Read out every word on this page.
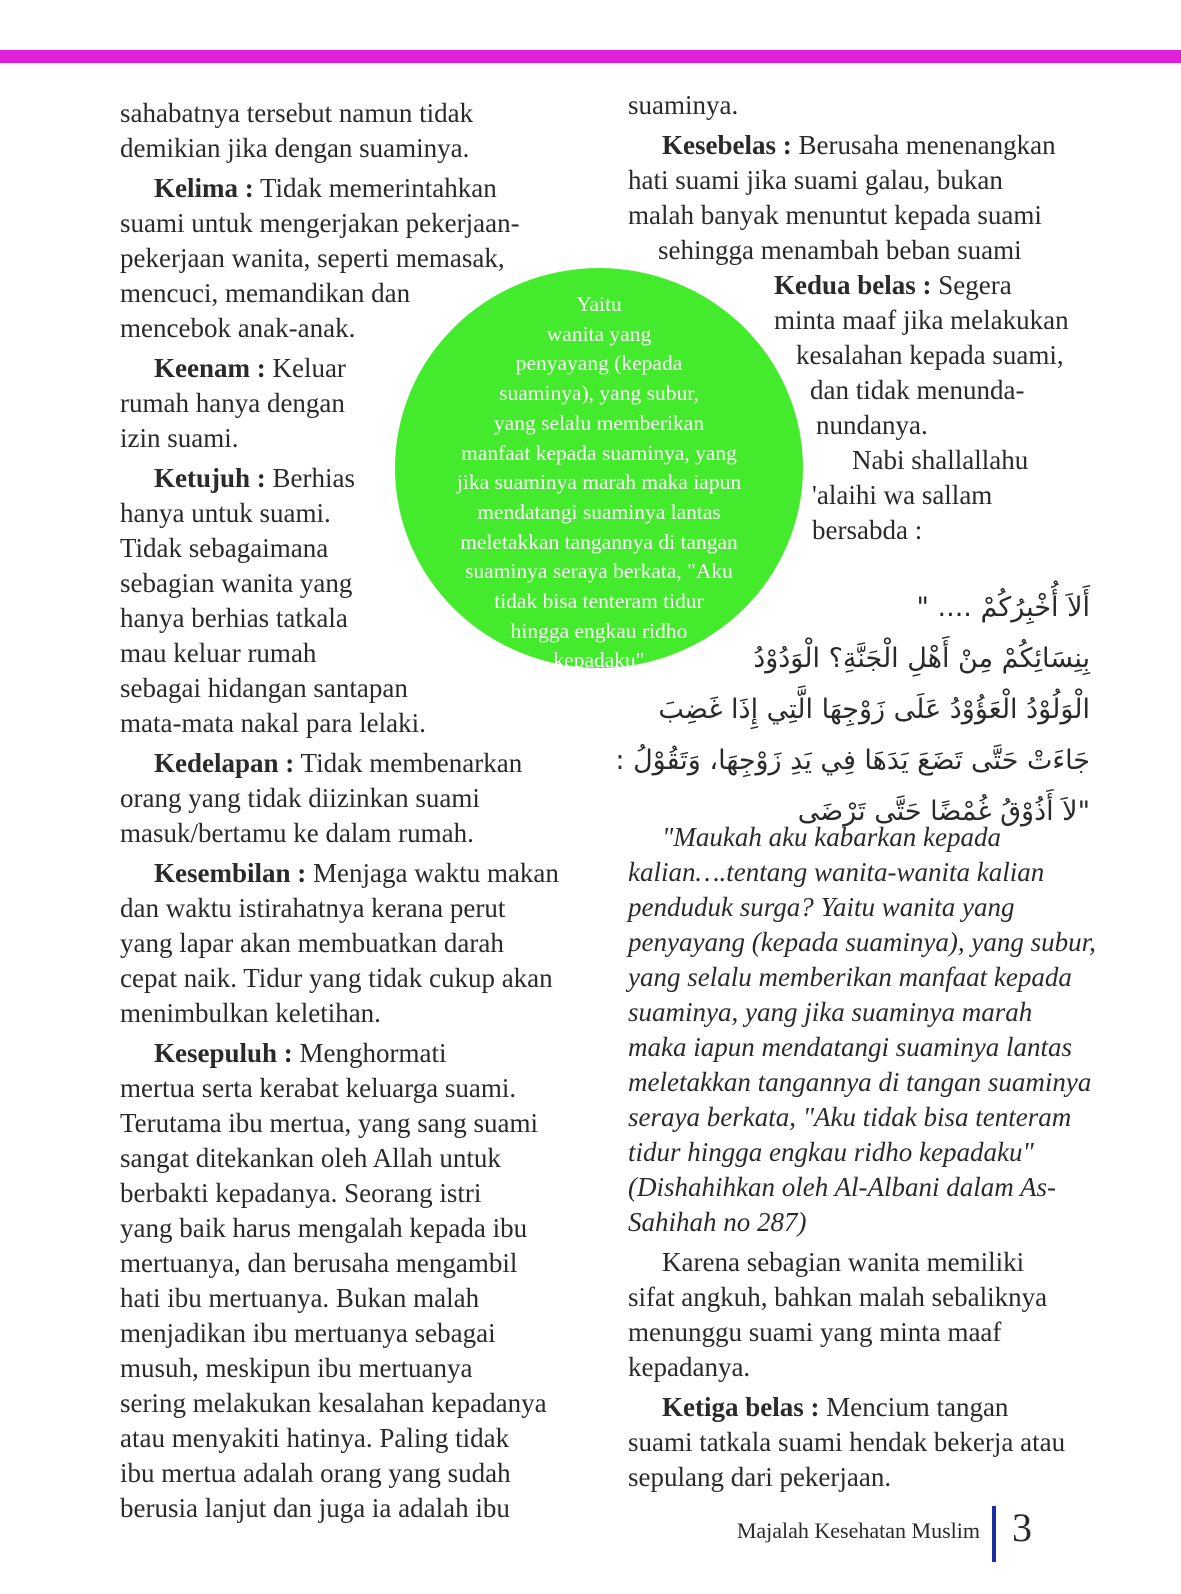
sahabatnya tersebut namun tidak
demikian jika dengan suaminya.
Kelima : Tidak memerintahkan
suami untuk mengerjakan pekerjaan-
pekerjaan wanita, seperti memasak,
mencuci, memandikan dan
mencebok anak-anak.
Keenam : Keluar
rumah hanya dengan
izin suami.
Ketujuh : Berhias
hanya untuk suami.
Tidak sebagaimana
sebagian wanita yang
hanya berhias tatkala
mau keluar rumah
sebagai hidangan santapan
mata-mata nakal para lelaki.
Kedelapan : Tidak membenarkan
orang yang tidak diizinkan suami
masuk/bertamu ke dalam rumah.
Kesembilan : Menjaga waktu makan
dan waktu istirahatnya kerana perut
yang lapar akan membuatkan darah
cepat naik. Tidur yang tidak cukup akan
menimbulkan keletihan.
Kesepuluh : Menghormati
mertua serta kerabat keluarga suami.
Terutama ibu mertua, yang sang suami
sangat ditekankan oleh Allah untuk
berbakti kepadanya. Seorang istri
yang baik harus mengalah kepada ibu
mertuanya, dan berusaha mengambil
hati ibu mertuanya. Bukan malah
menjadikan ibu mertuanya sebagai
musuh, meskipun ibu mertuanya
sering melakukan kesalahan kepadanya
atau menyakiti hatinya. Paling tidak
ibu mertua adalah orang yang sudah
berusia lanjut dan juga ia adalah ibu
Yaitu
wanita yang
penyayang (kepada
suaminya), yang subur,
yang selalu memberikan
manfaat kepada suaminya, yang
jika suaminya marah maka iapun
mendatangi suaminya lantas
meletakkan tangannya di tangan
suaminya seraya berkata, "Aku
tidak bisa tenteram tidur
hingga engkau ridho
kepadaku"
suaminya.
Kesebelas : Berusaha menenangkan
hati suami jika suami galau, bukan
malah banyak menuntut kepada suami
sehingga menambah beban suami
Kedua belas : Segera
minta maaf jika melakukan
kesalahan kepada suami,
dan tidak menunda-
nundanya.
Nabi shallallahu
'alaihi wa sallam
bersabda :
أَلاَ أُخْبِرُكُمْ .... "
بِنِسَائِكُمْ مِنْ أَهْلِ الْجَنَّةِ؟ الْوَدُوْدُ
الْوَلُوْدُ الْعَؤُوْدُ عَلَى زَوْجِهَا الَّتِي إِذَا غَضِبَ
جَاءَتْ حَتَّى تَضَعَ يَدَهَا فِي يَدِ زَوْجِهَا، وَتَقُوْلُ :
"لاَ أَذُوْقُ غُمْضًا حَتَّى تَرْضَى
"Maukah aku kabarkan kepada
kalian….tentang wanita-wanita kalian
penduduk surga? Yaitu wanita yang
penyayang (kepada suaminya), yang subur,
yang selalu memberikan manfaat kepada
suaminya, yang jika suaminya marah
maka iapun mendatangi suaminya lantas
meletakkan tangannya di tangan suaminya
seraya berkata, "Aku tidak bisa tenteram
tidur hingga engkau ridho kepadaku"
(Dishahihkan oleh Al-Albani dalam As-
Sahihah no 287)
Karena sebagian wanita memiliki
sifat angkuh, bahkan malah sebaliknya
menunggu suami yang minta maaf
kepadanya.
Ketiga belas : Mencium tangan
suami tatkala suami hendak bekerja atau
sepulang dari pekerjaan.
Majalah Kesehatan Muslim 3
